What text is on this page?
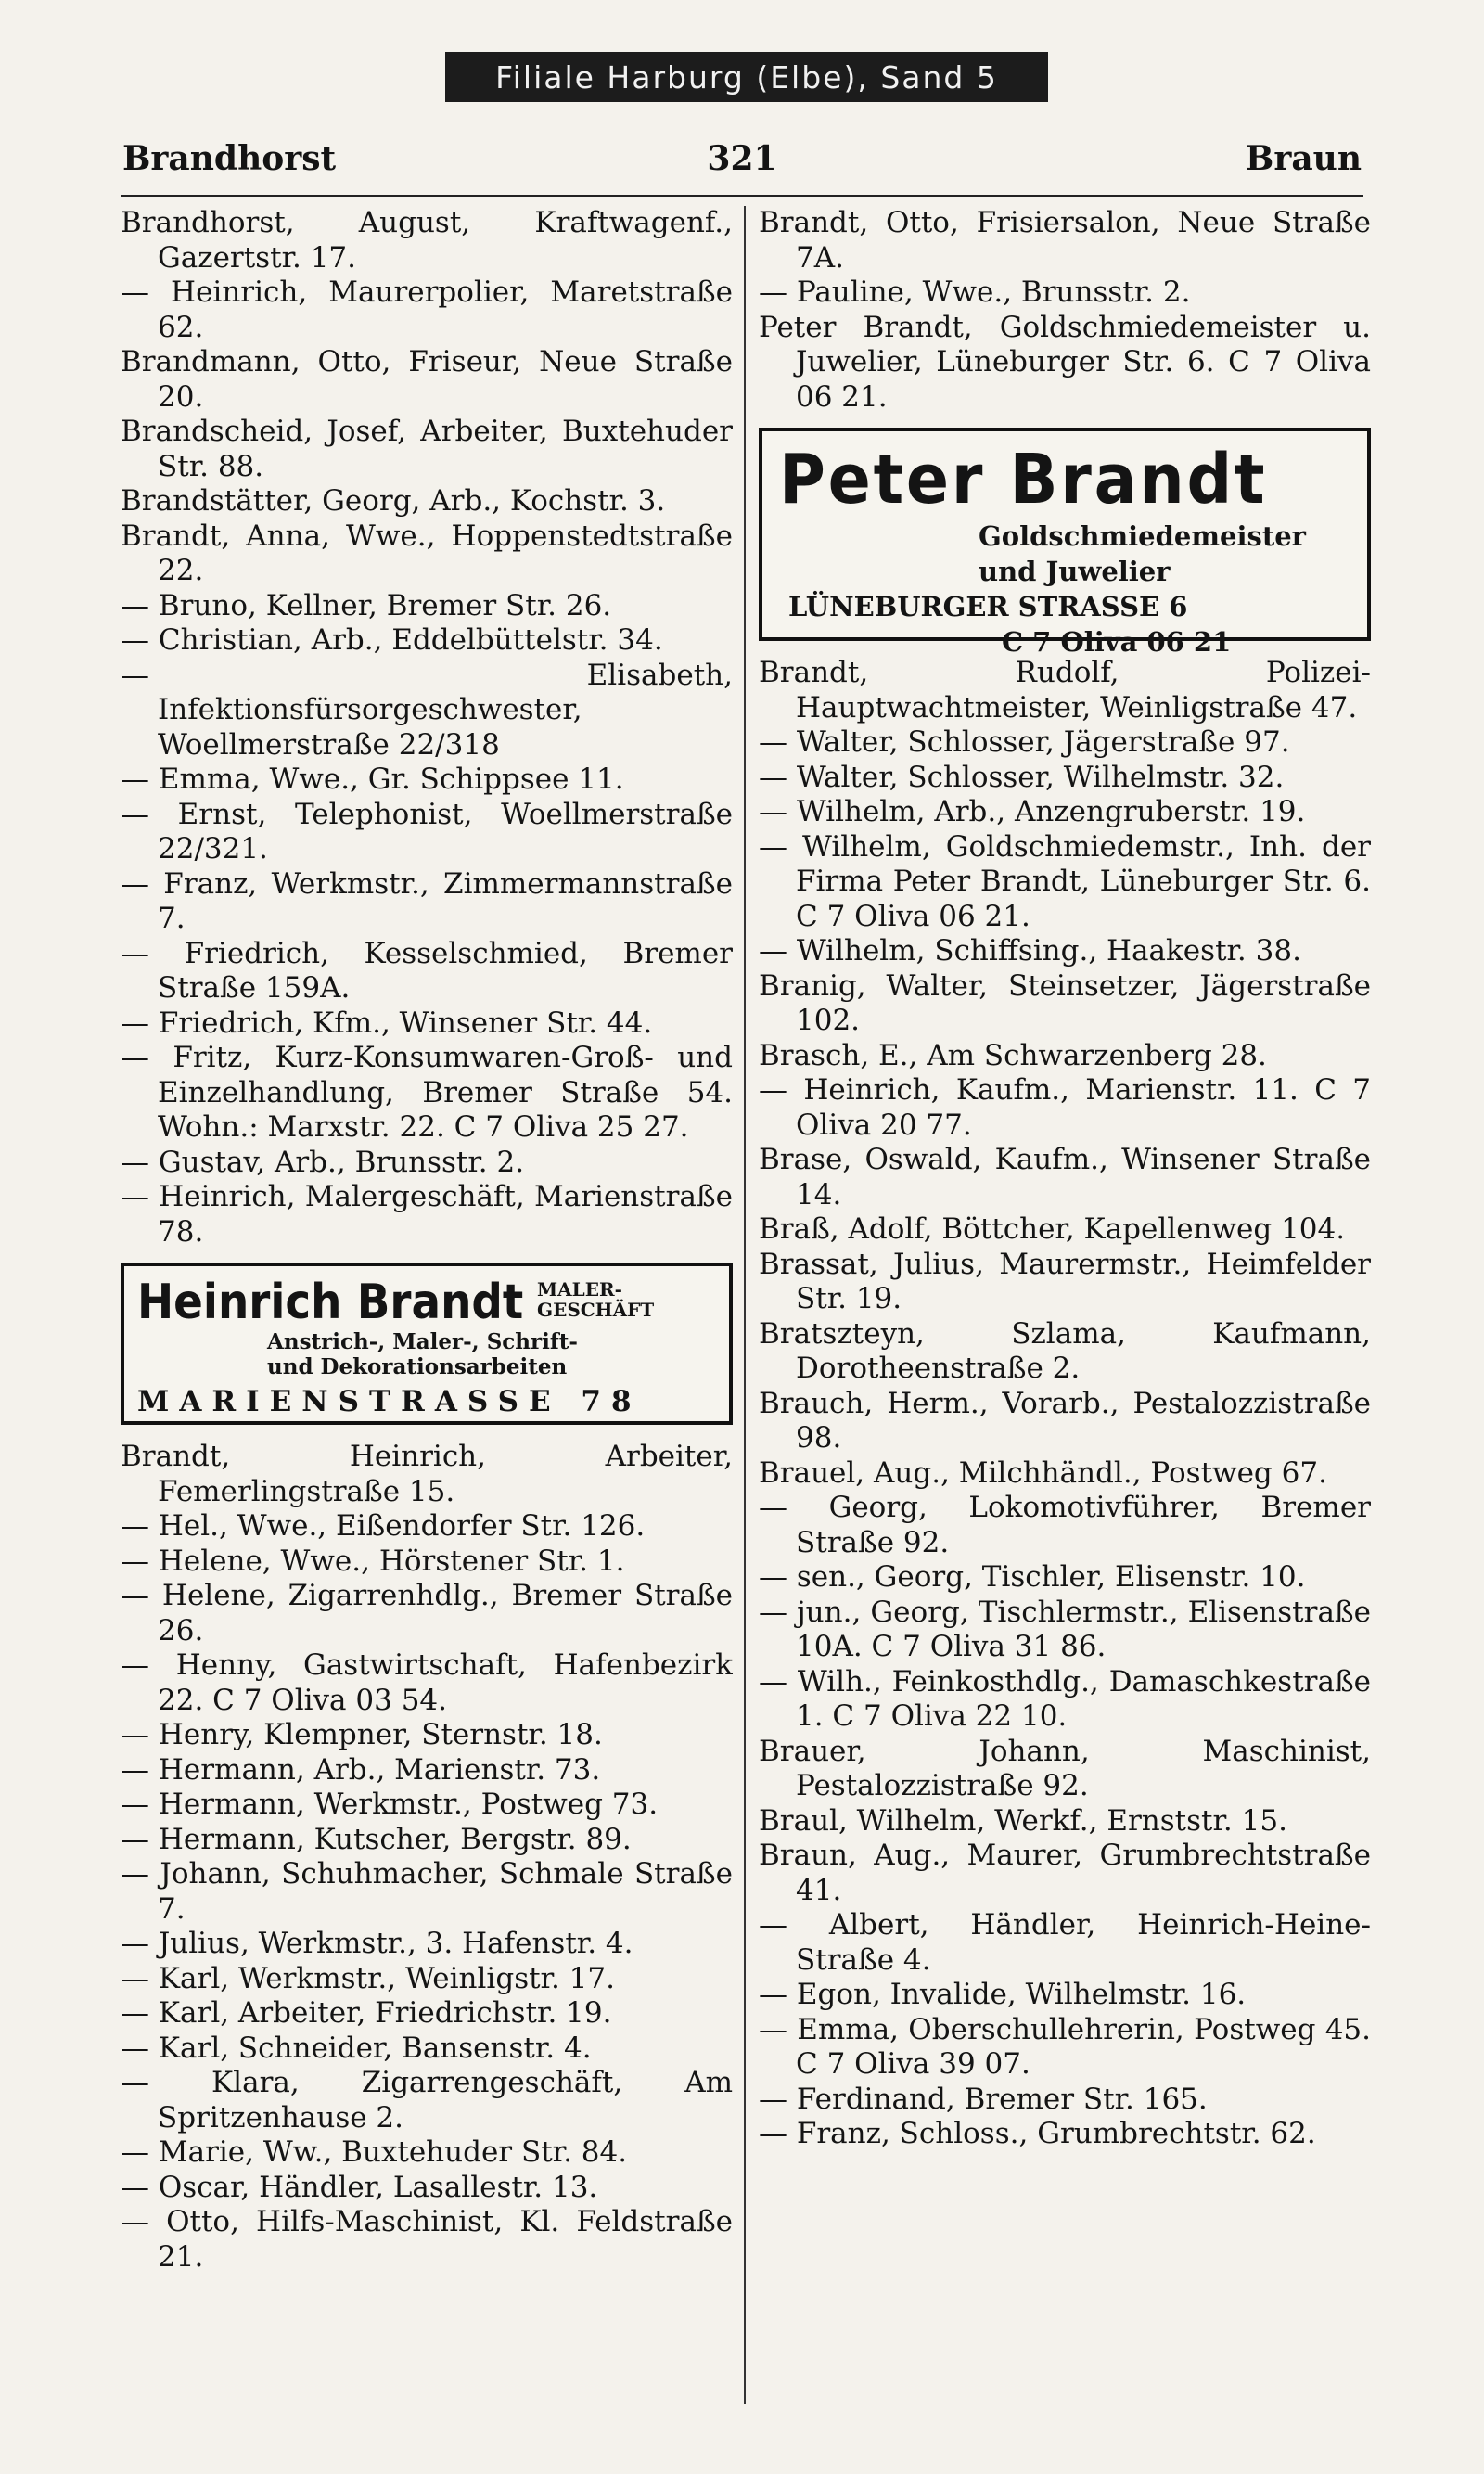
Filiale Harburg (Elbe), Sand 5
Brandhorst	321	Braun
Brandhorst, August, Kraftwagenf., Gazertstr. 17.
— Heinrich, Maurerpolier, Maretstraße 62.
Brandmann, Otto, Friseur, Neue Straße 20.
Brandscheid, Josef, Arbeiter, Buxtehuder Str. 88.
Brandstätter, Georg, Arb., Kochstr. 3.
Brandt, Anna, Wwe., Hoppenstedtstraße 22.
— Bruno, Kellner, Bremer Str. 26.
— Christian, Arb., Eddelbüttelstr. 34.
— Elisabeth, Infektionsfürsorgeschwester, Woellmerstraße 22/318
— Emma, Wwe., Gr. Schippsee 11.
— Ernst, Telephonist, Woellmerstraße 22/321.
— Franz, Werkmstr., Zimmermannstraße 7.
— Friedrich, Kesselschmied, Bremer Straße 159A.
— Friedrich, Kfm., Winsener Str. 44.
— Fritz, Kurz-Konsumwaren-Groß- und Einzelhandlung, Bremer Straße 54. Wohn.: Marxstr. 22. C 7 Oliva 25 27.
— Gustav, Arb., Brunsstr. 2.
— Heinrich, Malergeschäft, Marienstraße 78.
Heinrich Brandt MALER-
GESCHÄFT
Anstrich-, Maler-, Schrift-
und Dekorationsarbeiten
MARIENSTRASSE 78
Brandt, Heinrich, Arbeiter, Femerlingstraße 15.
— Hel., Wwe., Eißendorfer Str. 126.
— Helene, Wwe., Hörstener Str. 1.
— Helene, Zigarrenhdlg., Bremer Straße 26.
— Henny, Gastwirtschaft, Hafenbezirk 22. C 7 Oliva 03 54.
— Henry, Klempner, Sternstr. 18.
— Hermann, Arb., Marienstr. 73.
— Hermann, Werkmstr., Postweg 73.
— Hermann, Kutscher, Bergstr. 89.
— Johann, Schuhmacher, Schmale Straße 7.
— Julius, Werkmstr., 3. Hafenstr. 4.
— Karl, Werkmstr., Weinligstr. 17.
— Karl, Arbeiter, Friedrichstr. 19.
— Karl, Schneider, Bansenstr. 4.
— Klara, Zigarrengeschäft, Am Spritzenhause 2.
— Marie, Ww., Buxtehuder Str. 84.
— Oscar, Händler, Lasallestr. 13.
— Otto, Hilfs-Maschinist, Kl. Feldstraße 21.
Brandt, Otto, Frisiersalon, Neue Straße 7A.
— Pauline, Wwe., Brunsstr. 2.
Peter Brandt, Goldschmiedemeister u. Juwelier, Lüneburger Str. 6. C 7 Oliva 06 21.
Peter Brandt
Goldschmiedemeister
und Juwelier
LÜNEBURGER STRASSE 6
C 7 Oliva 06 21
Brandt, Rudolf, Polizei-Hauptwachtmeister, Weinligstraße 47.
— Walter, Schlosser, Jägerstraße 97.
— Walter, Schlosser, Wilhelmstr. 32.
— Wilhelm, Arb., Anzengruberstr. 19.
— Wilhelm, Goldschmiedemstr., Inh. der Firma Peter Brandt, Lüneburger Str. 6. C 7 Oliva 06 21.
— Wilhelm, Schiffsing., Haakestr. 38.
Branig, Walter, Steinsetzer, Jägerstraße 102.
Brasch, E., Am Schwarzenberg 28.
— Heinrich, Kaufm., Marienstr. 11. C 7 Oliva 20 77.
Brase, Oswald, Kaufm., Winsener Straße 14.
Braß, Adolf, Böttcher, Kapellenweg 104.
Brassat, Julius, Maurermstr., Heimfelder Str. 19.
Bratszteyn, Szlama, Kaufmann, Dorotheenstraße 2.
Brauch, Herm., Vorarb., Pestalozzistraße 98.
Brauel, Aug., Milchhändl., Postweg 67.
— Georg, Lokomotivführer, Bremer Straße 92.
— sen., Georg, Tischler, Elisenstr. 10.
— jun., Georg, Tischlermstr., Elisenstraße 10A. C 7 Oliva 31 86.
— Wilh., Feinkosthdlg., Damaschkestraße 1. C 7 Oliva 22 10.
Brauer, Johann, Maschinist, Pestalozzistraße 92.
Braul, Wilhelm, Werkf., Ernststr. 15.
Braun, Aug., Maurer, Grumbrechtstraße 41.
— Albert, Händler, Heinrich-Heine-Straße 4.
— Egon, Invalide, Wilhelmstr. 16.
— Emma, Oberschullehrerin, Postweg 45. C 7 Oliva 39 07.
— Ferdinand, Bremer Str. 165.
— Franz, Schloss., Grumbrechtstr. 62.
